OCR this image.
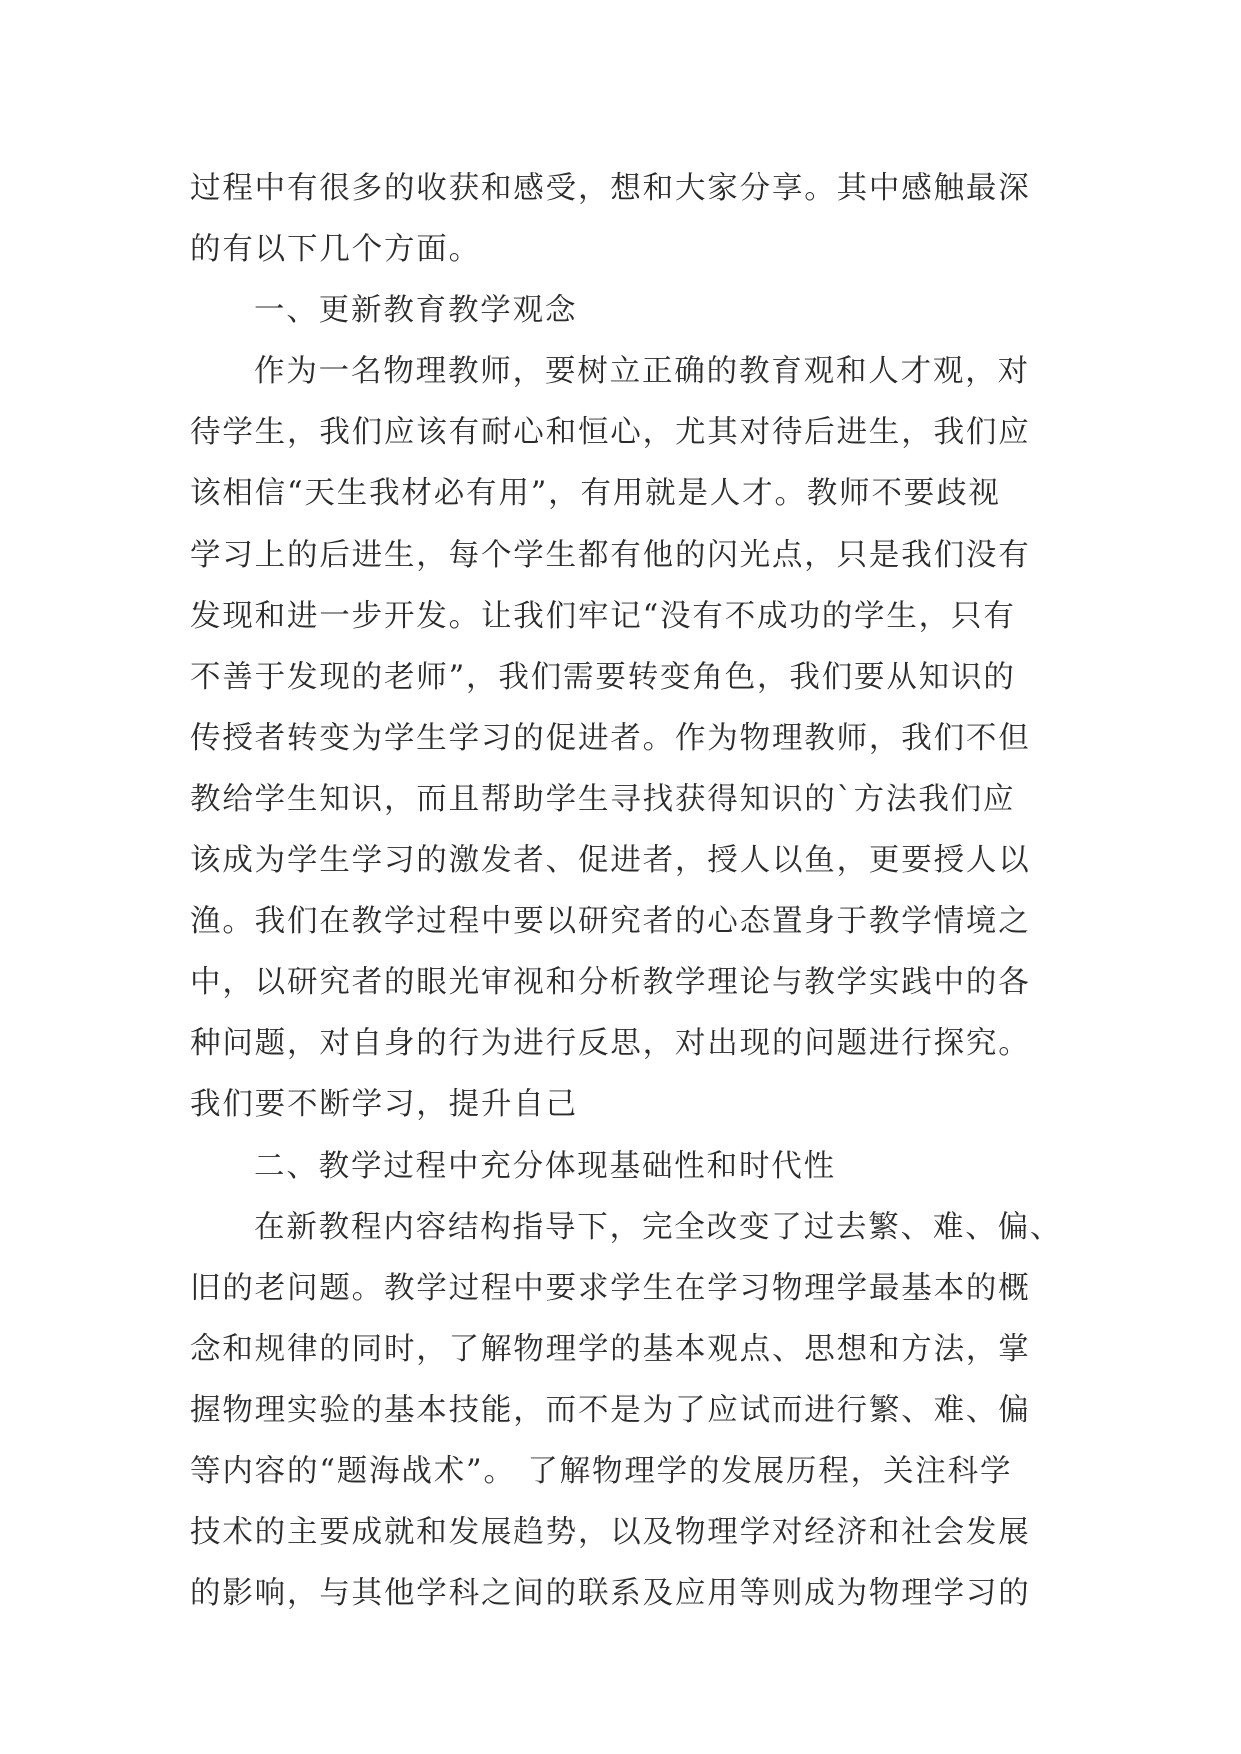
过程中有很多的收获和感受，想和大家分享。其中感触最深
的有以下几个方面。
一、更新教育教学观念
作为一名物理教师，要树立正确的教育观和人才观，对
待学生，我们应该有耐心和恒心，尤其对待后进生，我们应
该相信“天生我材必有用”，有用就是人才。教师不要歧视
学习上的后进生，每个学生都有他的闪光点，只是我们没有
发现和进一步开发。让我们牢记“没有不成功的学生，只有
不善于发现的老师”，我们需要转变角色，我们要从知识的
传授者转变为学生学习的促进者。作为物理教师，我们不但
教给学生知识，而且帮助学生寻找获得知识的`方法我们应
该成为学生学习的激发者、促进者，授人以鱼，更要授人以
渔。我们在教学过程中要以研究者的心态置身于教学情境之
中，以研究者的眼光审视和分析教学理论与教学实践中的各
种问题，对自身的行为进行反思，对出现的问题进行探究。
我们要不断学习，提升自己
二、教学过程中充分体现基础性和时代性
在新教程内容结构指导下，完全改变了过去繁、难、偏、
旧的老问题。教学过程中要求学生在学习物理学最基本的概
念和规律的同时，了解物理学的基本观点、思想和方法，掌
握物理实验的基本技能，而不是为了应试而进行繁、难、偏
等内容的“题海战术”。 了解物理学的发展历程，关注科学
技术的主要成就和发展趋势，以及物理学对经济和社会发展
的影响，与其他学科之间的联系及应用等则成为物理学习的
